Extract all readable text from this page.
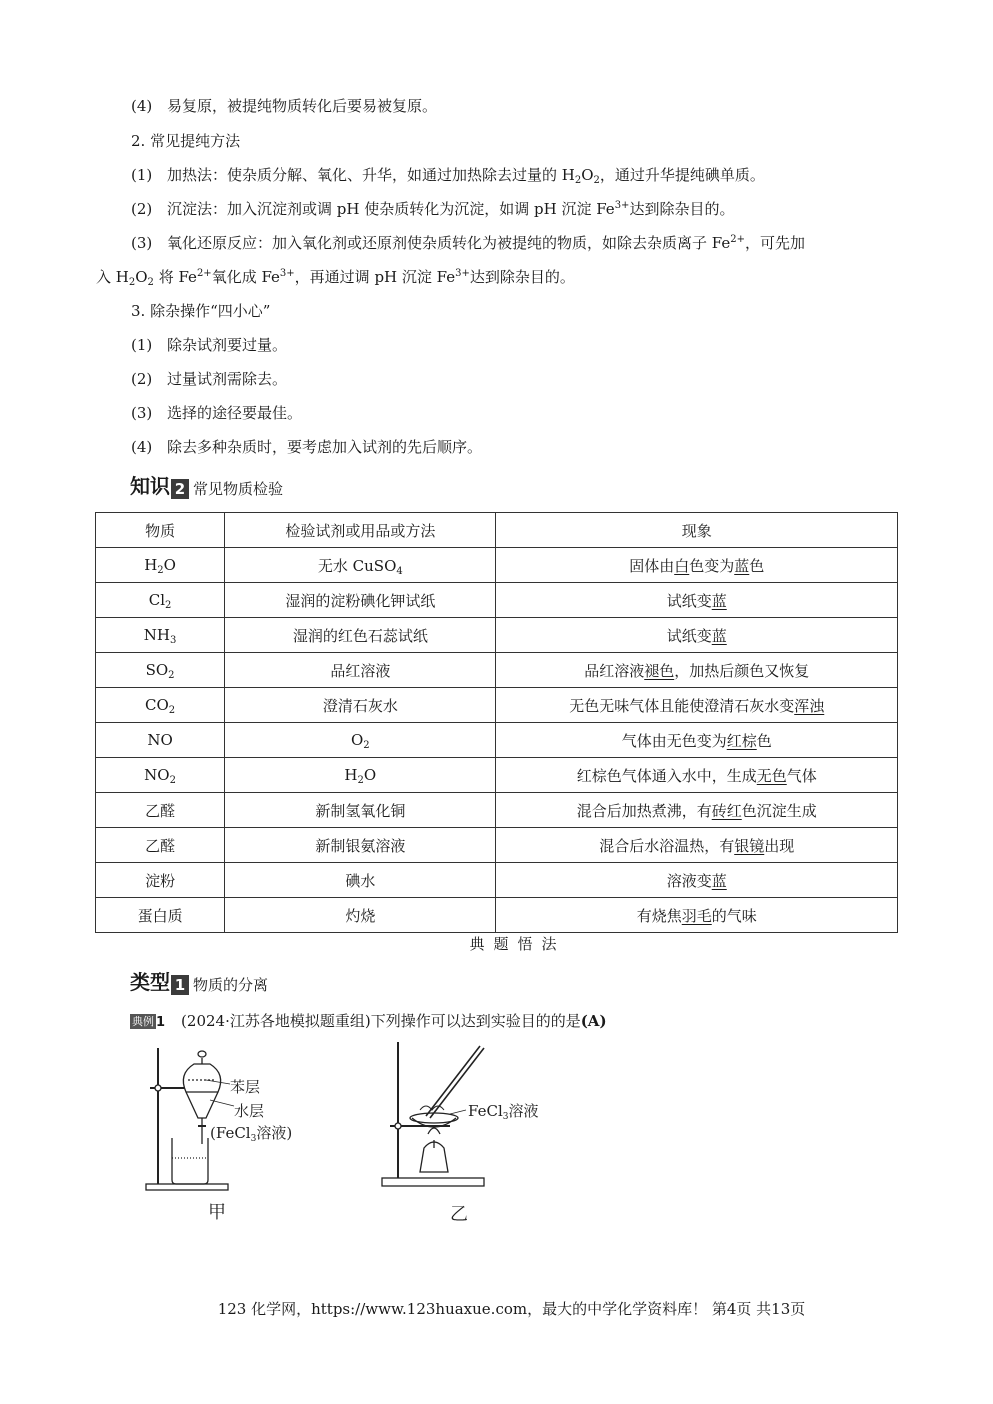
(4) 易复原，被提纯物质转化后要易被复原。
2. 常见提纯方法
(1) 加热法：使杂质分解、氧化、升华，如通过加热除去过量的 $H_2O_2$，通过升华提纯碘单质。
(2) 沉淀法：加入沉淀剂或调 pH 使杂质转化为沉淀，如调 pH 沉淀 $Fe^{3+}$达到除杂目的。
(3) 氧化还原反应：加入氧化剂或还原剂使杂质转化为被提纯的物质，如除去杂质离子 $Fe^{2+}$，可先加
入 $H_2O_2$ 将 $Fe^{2+}$氧化成 $Fe^{3+}$，再通过调 pH 沉淀 $Fe^{3+}$达到除杂目的。
3. 除杂操作“四小心”
(1) 除杂试剂要过量。
(2) 过量试剂需除去。
(3) 选择的途径要最佳。
(4) 除去多种杂质时，要考虑加入试剂的先后顺序。
知识 2 常见物质检验
物质	检验试剂或用品或方法	现象
$H_2O$	无水 CuSO$_4$	固体由白色变为蓝色
$Cl_2$	湿润的淀粉碘化钾试纸	试纸变蓝
$NH_3$	湿润的红色石蕊试纸	试纸变蓝
$SO_2$	品红溶液	品红溶液褪色，加热后颜色又恢复
$CO_2$	澄清石灰水	无色无味气体且能使澄清石灰水变浑浊
NO	$O_2$	气体由无色变为红棕色
$NO_2$	$H_2O$	红棕色气体通入水中，生成无色气体
乙醛	新制氢氧化铜	混合后加热煮沸，有砖红色沉淀生成
乙醛	新制银氨溶液	混合后水浴温热，有银镜出现
淀粉	碘水	溶液变蓝
蛋白质	灼烧	有烧焦羽毛的气味
典题悟法
类型 1 物质的分离
典例 1 (2024·江苏各地模拟题重组)下列操作可以达到实验目的的是(A)
苯层
水层
(FeCl$_3$溶液)
甲
FeCl$_3$溶液
乙
123 化学网，https://www.123huaxue.com，最大的中学化学资料库！ 第4页 共13页
